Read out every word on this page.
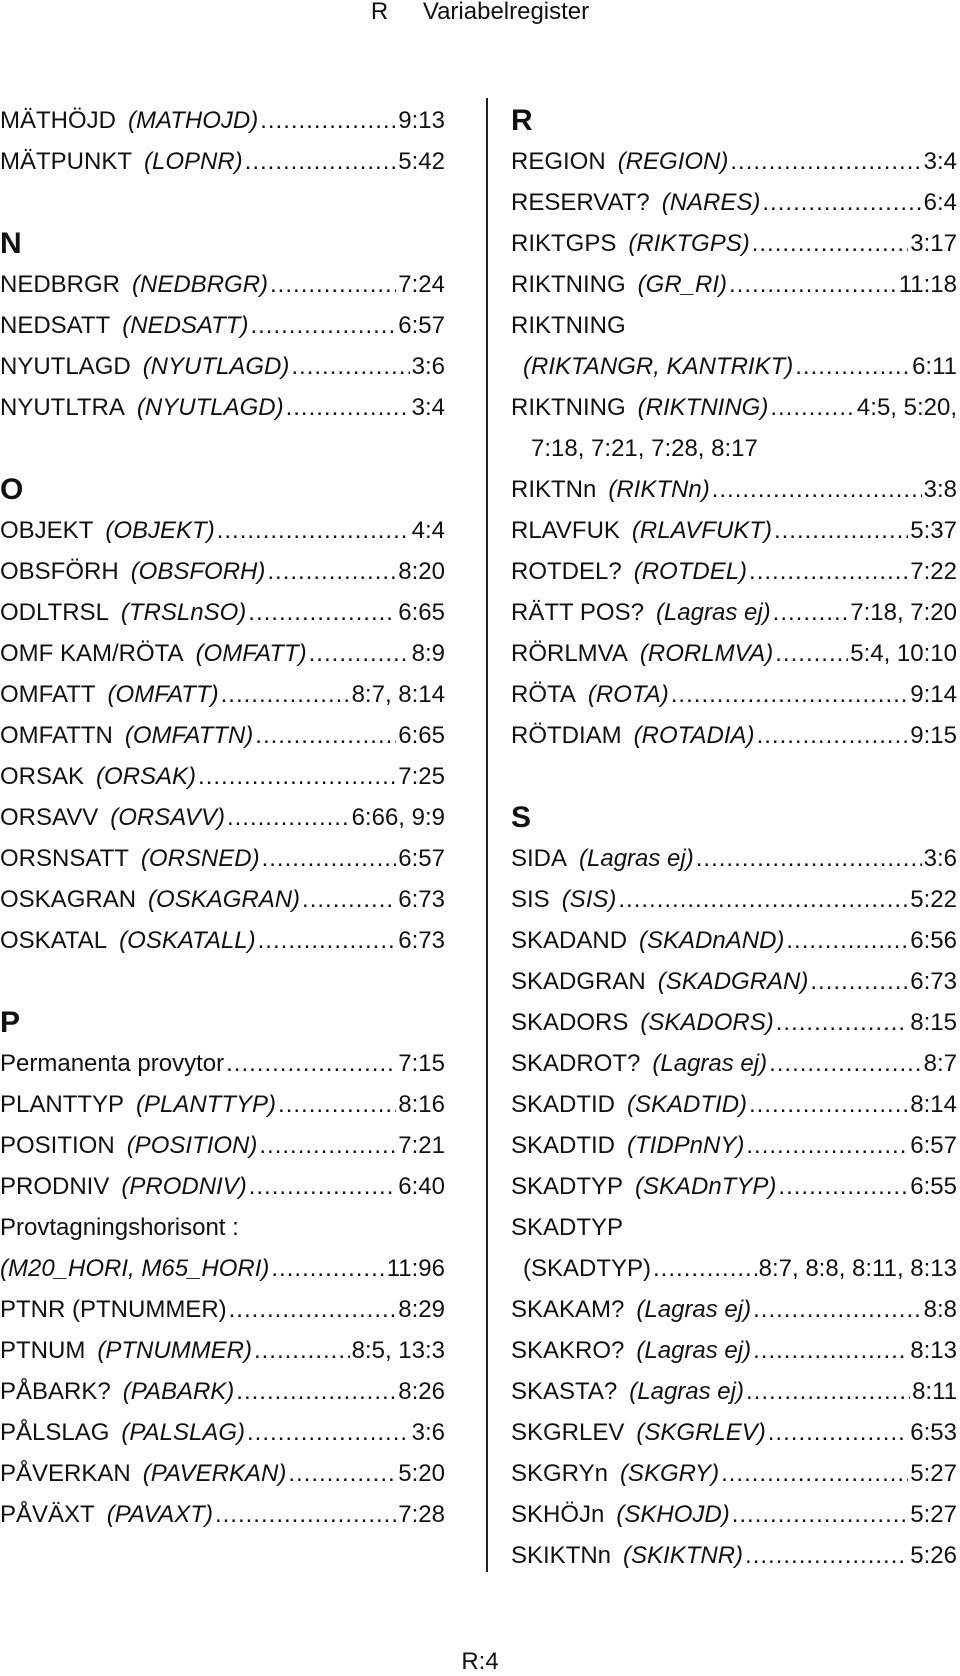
R Variabelregister
MÄTHÖJD (MATHOJD) .....	9:13
MÄTPUNKT (LOPNR) .....	5:42
N
NEDBRGR (NEDBRGR) .....	7:24
NEDSATT (NEDSATT) .....	6:57
NYUTLAGD (NYUTLAGD) .....	3:6
NYUTLTRA (NYUTLAGD) .....	3:4
O
OBJEKT (OBJEKT) .....	4:4
OBSFÖRH (OBSFORH) .....	8:20
ODLTRSL (TRSLnSO) .....	6:65
OMF KAM/RÖTA (OMFATT) .....	8:9
OMFATT (OMFATT) .....	8:7, 8:14
OMFATTN (OMFATTN) .....	6:65
ORSAK (ORSAK) .....	7:25
ORSAVV (ORSAVV) .....	6:66, 9:9
ORSNSATT (ORSNED) .....	6:57
OSKAGRAN (OSKAGRAN) .....	6:73
OSKATAL (OSKATALL) .....	6:73
P
Permanenta provytor .....	7:15
PLANTTYP (PLANTTYP) .....	8:16
POSITION (POSITION) .....	7:21
PRODNIV (PRODNIV) .....	6:40
Provtagningshorisont :
(M20_HORI, M65_HORI) .....	11:96
PTNR (PTNUMMER) .....	8:29
PTNUM (PTNUMMER) .....	8:5, 13:3
PÅBARK? (PABARK) .....	8:26
PÅLSLAG (PALSLAG) .....	3:6
PÅVERKAN (PAVERKAN) .....	5:20
PÅVÄXT (PAVAXT) .....	7:28
R
REGION (REGION) .....	3:4
RESERVAT? (NARES) .....	6:4
RIKTGPS (RIKTGPS) .....	3:17
RIKTNING (GR_RI) .....	11:18
RIKTNING
(RIKTANGR, KANTRIKT) .....	6:11
RIKTNING (RIKTNING) .....	4:5, 5:20,
7:18, 7:21, 7:28, 8:17
RIKTNn (RIKTNn) .....	3:8
RLAVFUK (RLAVFUKT) .....	5:37
ROTDEL? (ROTDEL) .....	7:22
RÄTT POS? (Lagras ej) .....	7:18, 7:20
RÖRLMVA (RORLMVA) .....	5:4, 10:10
RÖTA (ROTA) .....	9:14
RÖTDIAM (ROTADIA) .....	9:15
S
SIDA (Lagras ej) .....	3:6
SIS (SIS) .....	5:22
SKADAND (SKADnAND) .....	6:56
SKADGRAN (SKADGRAN) .....	6:73
SKADORS (SKADORS) .....	8:15
SKADROT? (Lagras ej) .....	8:7
SKADTID (SKADTID) .....	8:14
SKADTID (TIDPnNY) .....	6:57
SKADTYP (SKADnTYP) .....	6:55
SKADTYP
(SKADTYP) .....	8:7, 8:8, 8:11, 8:13
SKAKAM? (Lagras ej) .....	8:8
SKAKRO? (Lagras ej) .....	8:13
SKASTA? (Lagras ej) .....	8:11
SKGRLEV (SKGRLEV) .....	6:53
SKGRYn (SKGRY) .....	5:27
SKHÖJn (SKHOJD) .....	5:27
SKIKTNn (SKIKTNR) .....	5:26
R:4
